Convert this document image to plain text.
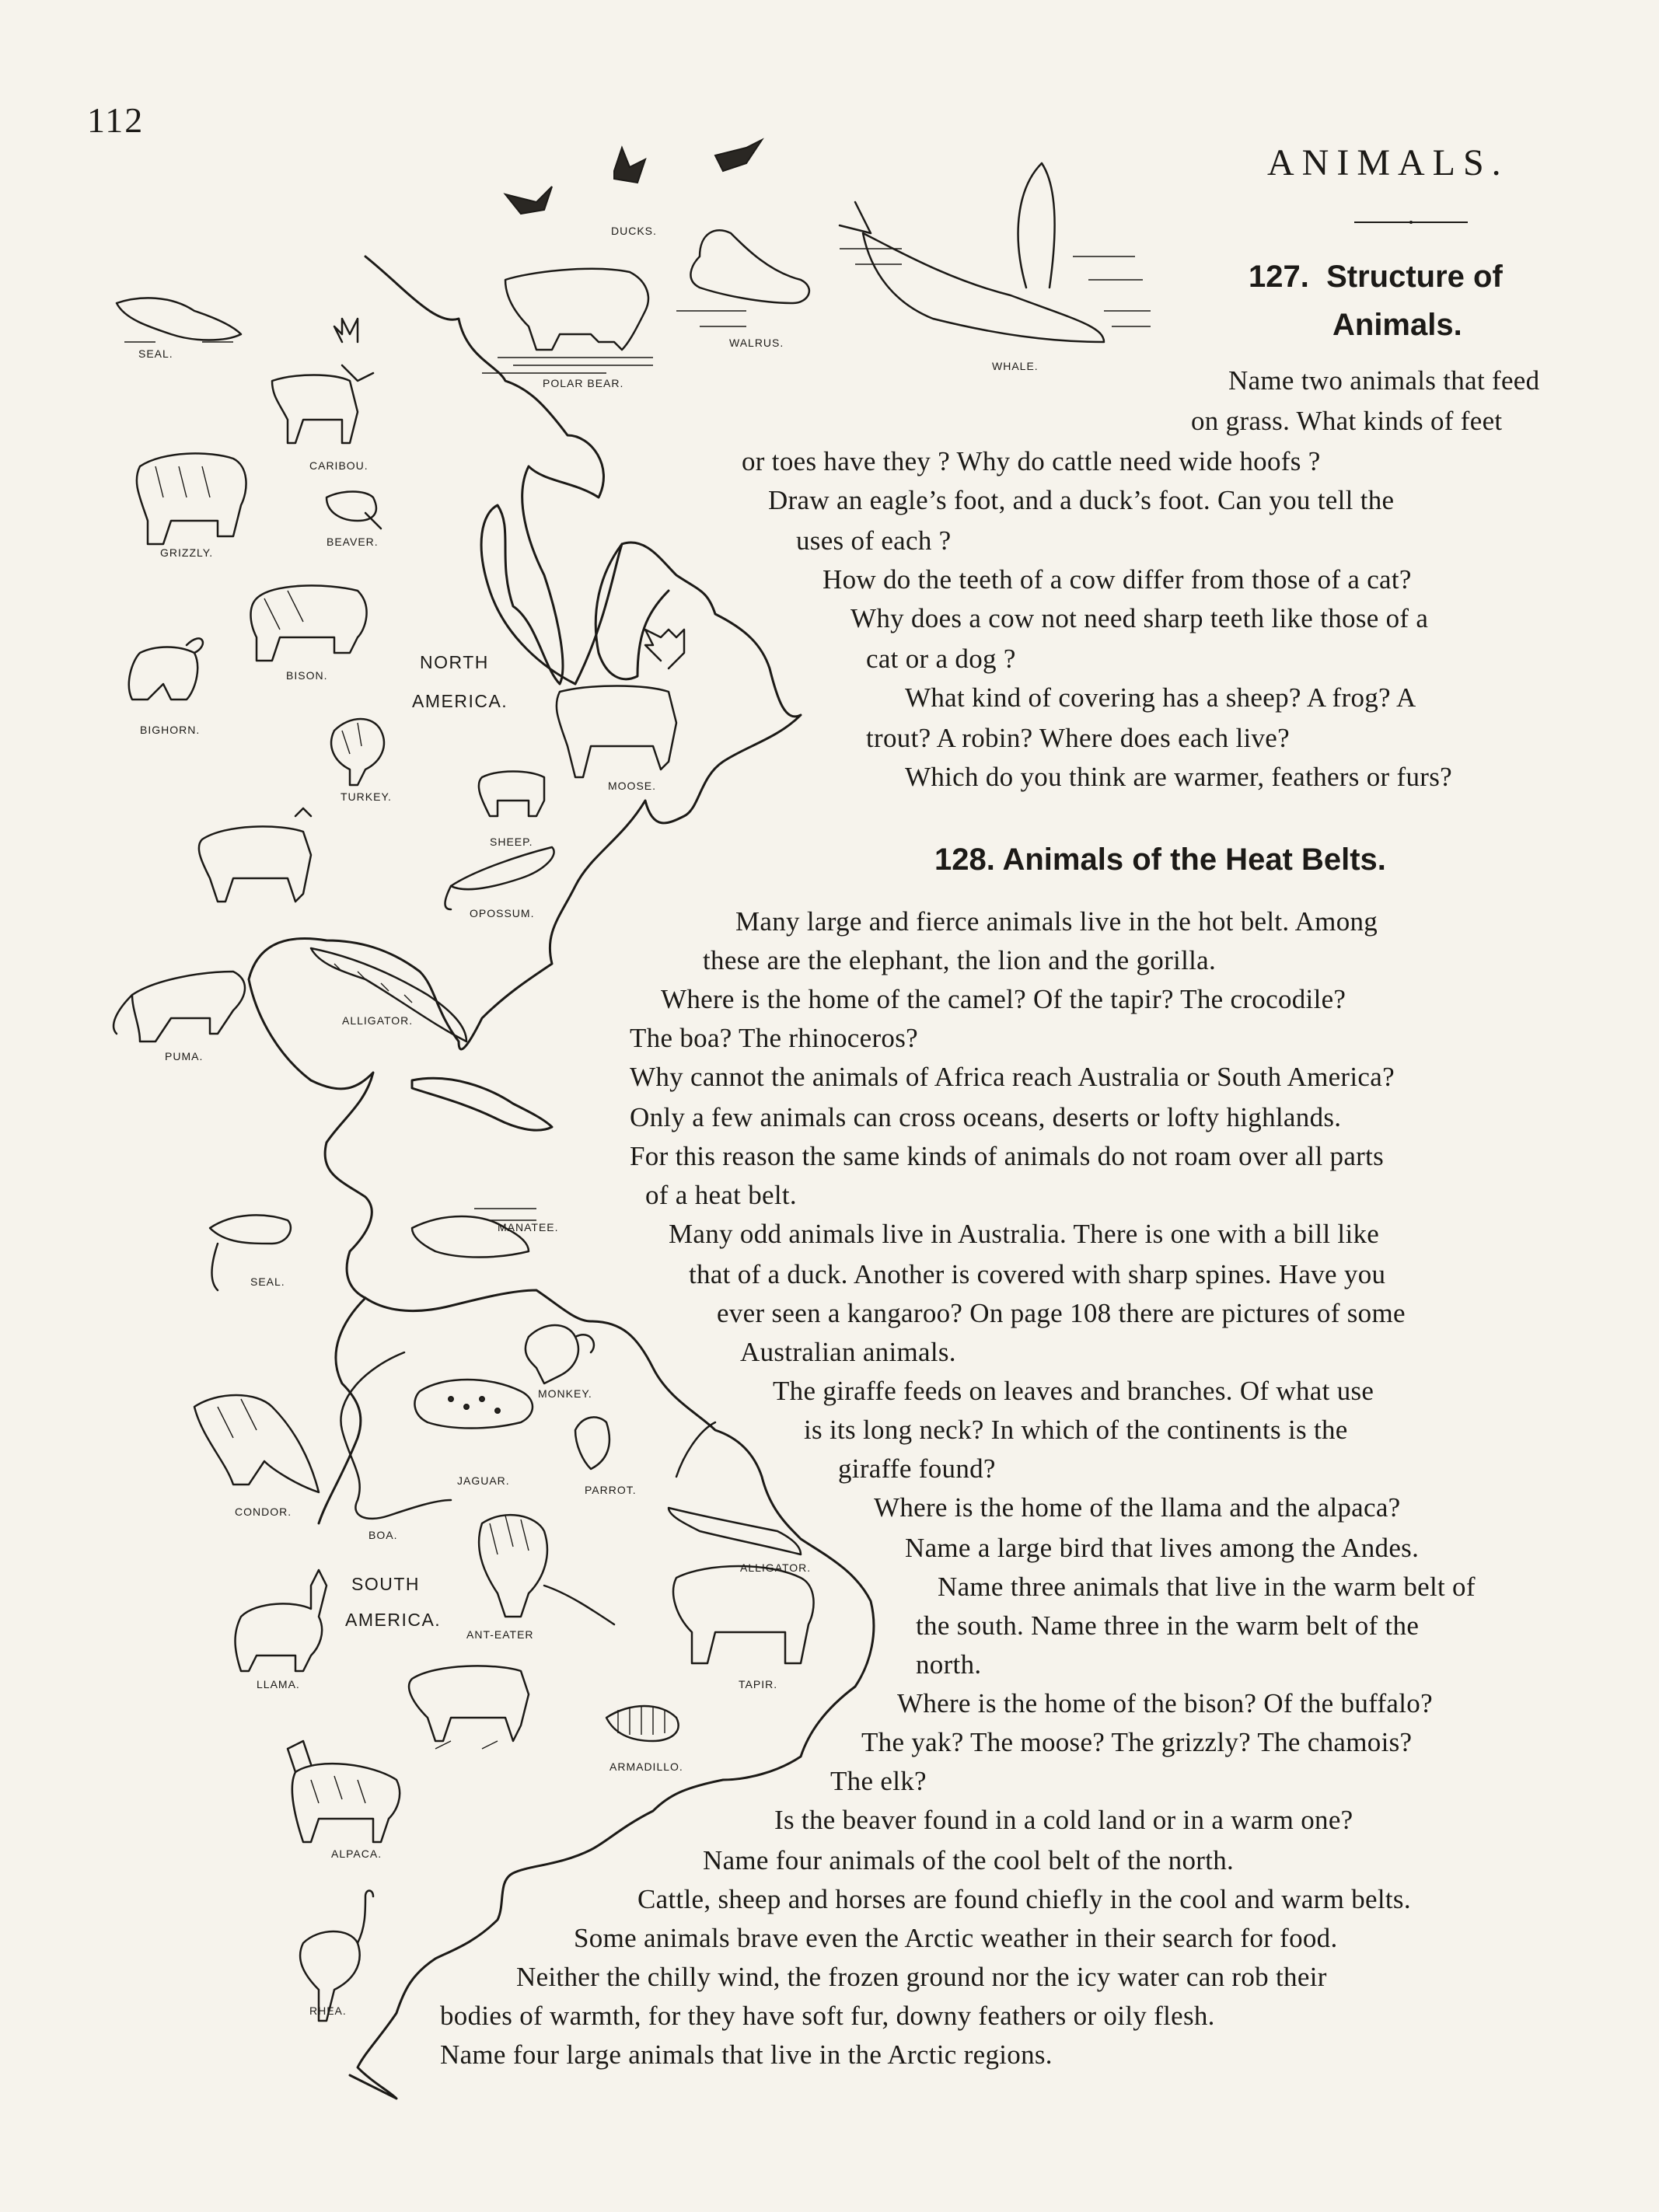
112
ANIMALS.
127. Structure of
Animals.
Name two animals that feed
on grass. What kinds of feet
or toes have they ? Why do cattle need wide hoofs ?
Draw an eagle’s foot, and a duck’s foot. Can you tell the
uses of each ?
How do the teeth of a cow differ from those of a cat?
Why does a cow not need sharp teeth like those of a
cat or a dog ?
What kind of covering has a sheep? A frog? A
trout? A robin? Where does each live?
Which do you think are warmer, feathers or furs?
128. Animals of the Heat Belts.
Many large and fierce animals live in the hot belt. Among
these are the elephant, the lion and the gorilla.
Where is the home of the camel? Of the tapir? The crocodile?
The boa? The rhinoceros?
Why cannot the animals of Africa reach Australia or South America?
Only a few animals can cross oceans, deserts or lofty highlands.
For this reason the same kinds of animals do not roam over all parts
of a heat belt.
Many odd animals live in Australia. There is one with a bill like
that of a duck. Another is covered with sharp spines. Have you
ever seen a kangaroo? On page 108 there are pictures of some
Australian animals.
The giraffe feeds on leaves and branches. Of what use
is its long neck? In which of the continents is the
giraffe found?
Where is the home of the llama and the alpaca?
Name a large bird that lives among the Andes.
Name three animals that live in the warm belt of
the south. Name three in the warm belt of the
north.
Where is the home of the bison? Of the buffalo?
The yak? The moose? The grizzly? The chamois?
The elk?
Is the beaver found in a cold land or in a warm one?
Name four animals of the cool belt of the north.
Cattle, sheep and horses are found chiefly in the cool and warm belts.
Some animals brave even the Arctic weather in their search for food.
Neither the chilly wind, the frozen ground nor the icy water can rob their
bodies of warmth, for they have soft fur, downy feathers or oily flesh.
Name four large animals that live in the Arctic regions.
NORTH
AMERICA.
SOUTH
AMERICA.
DUCKS.
WHALE.
WALRUS.
POLAR BEAR.
SEAL.
CARIBOU.
GRIZZLY.
BEAVER.
BISON.
BIGHORN.
TURKEY.
MOOSE.
SHEEP.
OPOSSUM.
ALLIGATOR.
PUMA.
MANATEE.
SEAL.
MONKEY.
JAGUAR.
PARROT.
CONDOR.
BOA.
ALLIGATOR.
ANT-EATER
TAPIR.
LLAMA.
ARMADILLO.
ALPACA.
RHEA.
